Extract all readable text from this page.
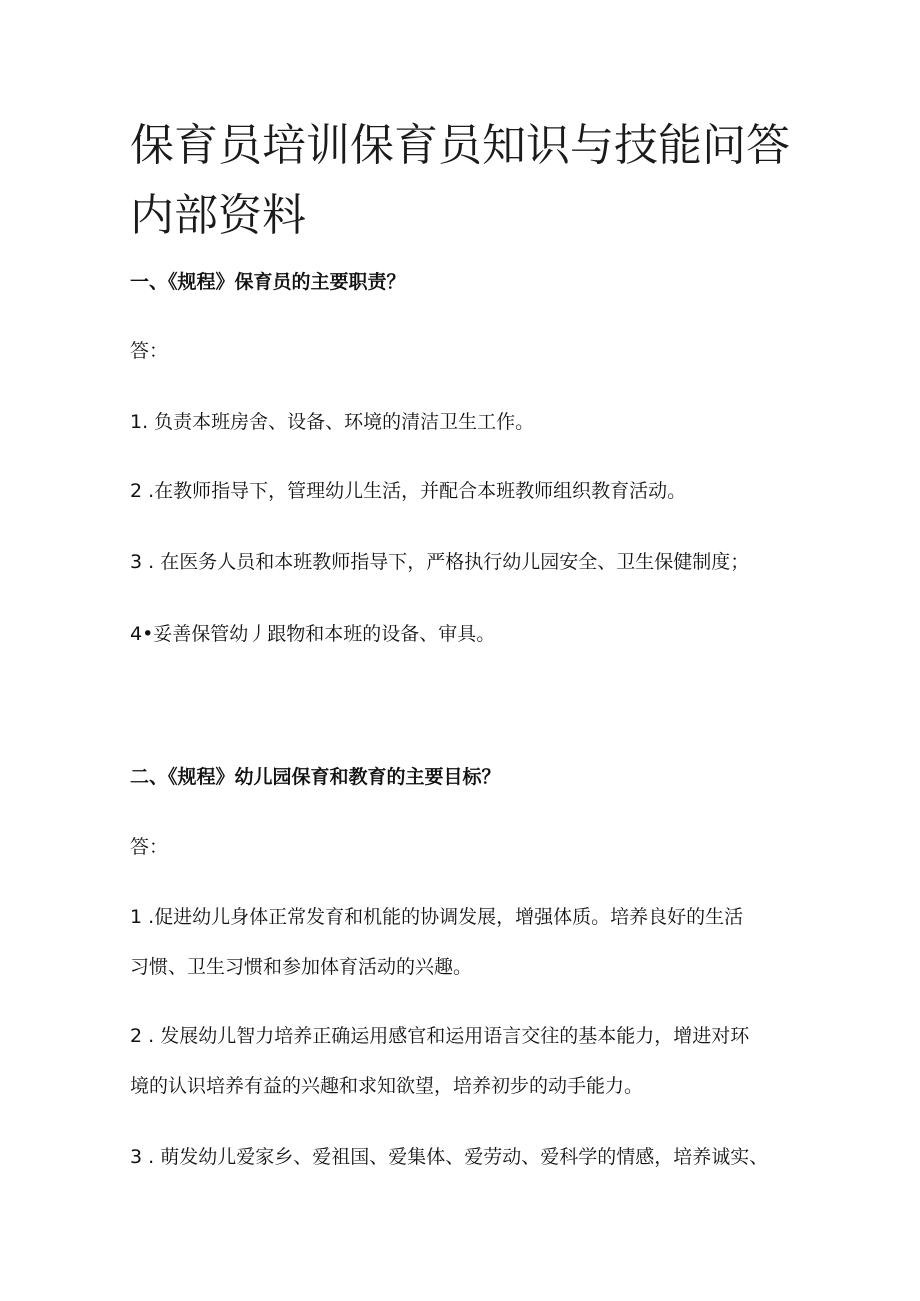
保育员培训保育员知识与技能问答
内部资料
一、《规程》保育员的主要职责？
答：
1. 负责本班房舍、设备、环境的清洁卫生工作。
2 .在教师指导下，管理幼儿生活，并配合本班教师组织教育活动。
3 . 在医务人员和本班教师指导下，严格执行幼儿园安全、卫生保健制度；
4•妥善保管幼丿跟物和本班的设备、审具。
二、《规程》幼儿园保育和教育的主要目标？
答：
1 .促进幼儿身体正常发育和机能的协调发展，增强体质。培养良好的生活
习惯、卫生习惯和参加体育活动的兴趣。
2 . 发展幼儿智力培养正确运用感官和运用语言交往的基本能力，增进对环
境的认识培养有益的兴趣和求知欲望，培养初步的动手能力。
3 . 萌发幼儿爱家乡、爱祖国、爱集体、爱劳动、爱科学的情感，培养诚实、
